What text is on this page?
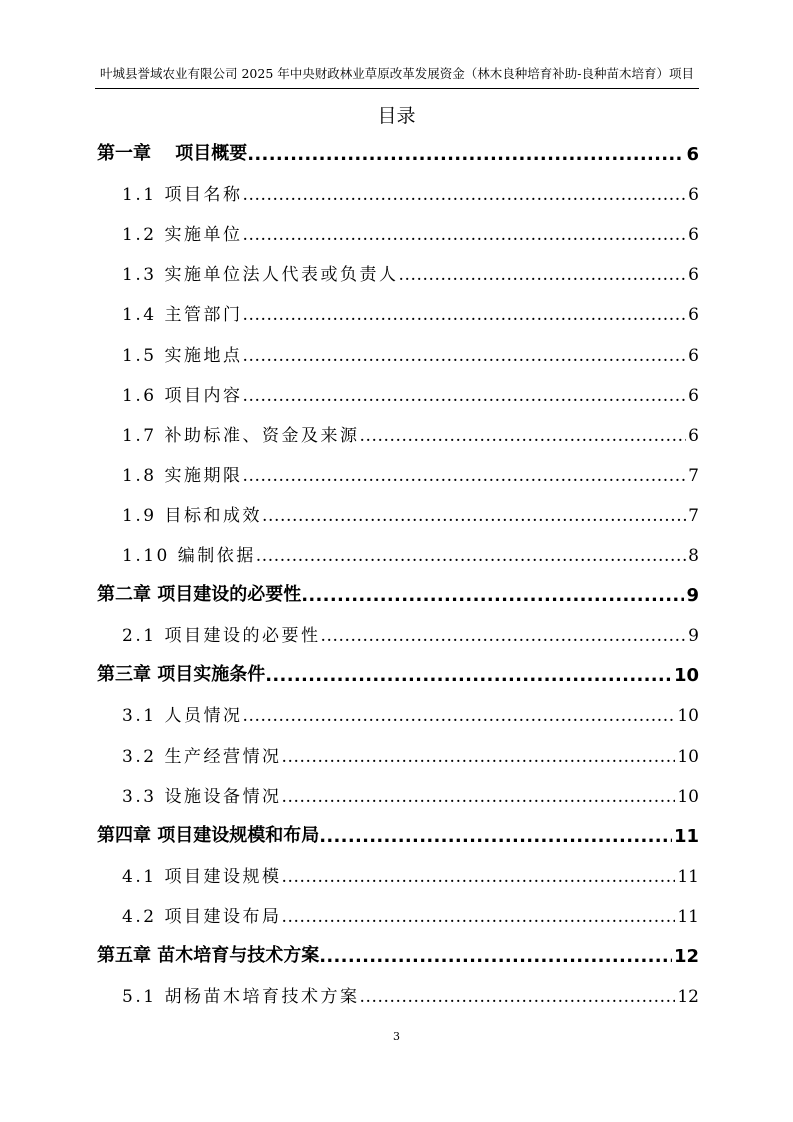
叶城县誉域农业有限公司 2025 年中央财政林业草原改革发展资金（林木良种培育补助-良种苗木培育）项目
目录
第一章　 项目概要 .....	6
1.1 项目名称 .....	6
1.2 实施单位 .....	6
1.3 实施单位法人代表或负责人 .....	6
1.4 主管部门 .....	6
1.5 实施地点 .....	6
1.6 项目内容 .....	6
1.7 补助标准、资金及来源 .....	6
1.8 实施期限 .....	7
1.9 目标和成效 .....	7
1.10 编制依据 .....	8
第二章 项目建设的必要性 .....	9
2.1 项目建设的必要性 .....	9
第三章 项目实施条件 .....	10
3.1 人员情况 .....	10
3.2 生产经营情况 .....	10
3.3 设施设备情况 .....	10
第四章 项目建设规模和布局 .....	11
4.1 项目建设规模 .....	11
4.2 项目建设布局 .....	11
第五章 苗木培育与技术方案 .....	12
5.1 胡杨苗木培育技术方案 .....	12
3
